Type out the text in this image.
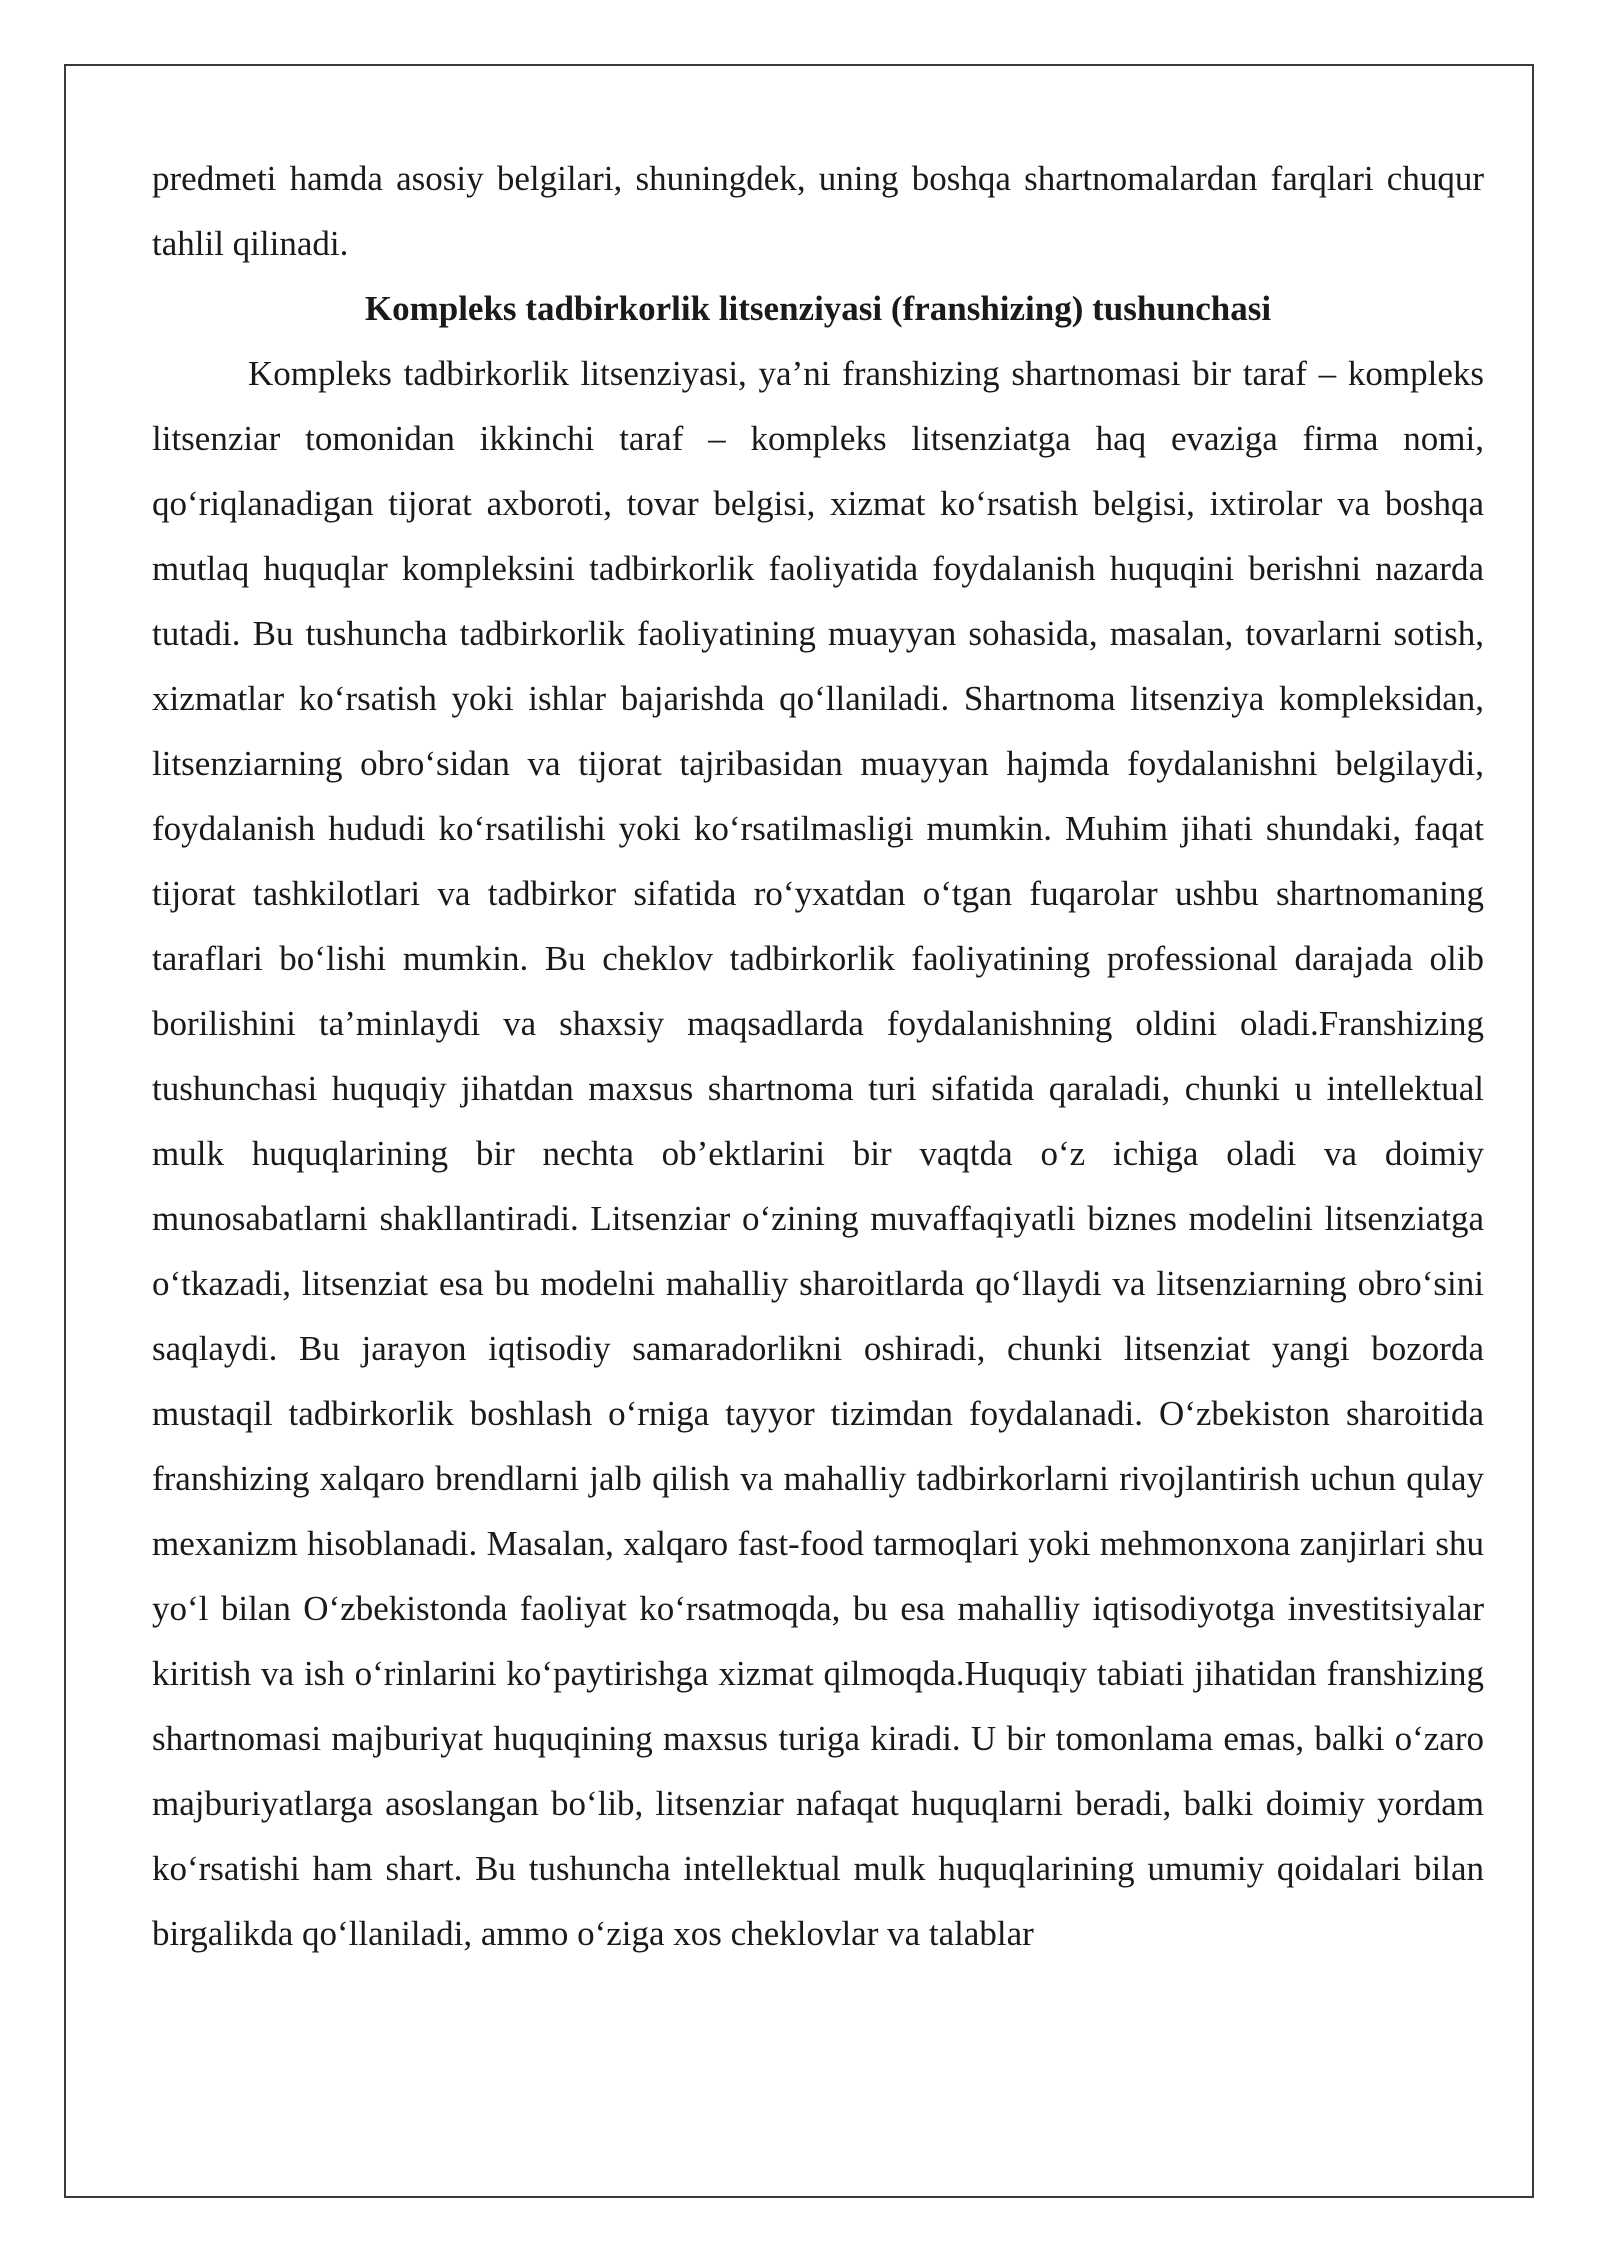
predmeti hamda asosiy belgilari, shuningdek, uning boshqa shartnomalardan farqlari chuqur tahlil qilinadi.

Kompleks tadbirkorlik litsenziyasi (franshizing) tushunchasi

Kompleks tadbirkorlik litsenziyasi, ya’ni franshizing shartnomasi bir taraf – kompleks litsenziar tomonidan ikkinchi taraf – kompleks litsenziatga haq evaziga firma nomi, qo‘riqlanadigan tijorat axboroti, tovar belgisi, xizmat ko‘rsatish belgisi, ixtirolar va boshqa mutlaq huquqlar kompleksini tadbirkorlik faoliyatida foydalanish huquqini berishni nazarda tutadi. Bu tushuncha tadbirkorlik faoliyatining muayyan sohasida, masalan, tovarlarni sotish, xizmatlar ko‘rsatish yoki ishlar bajarishda qo‘llaniladi. Shartnoma litsenziya kompleksidan, litsenziarning obro‘sidan va tijorat tajribasidan muayyan hajmda foydalanishni belgilaydi, foydalanish hududi ko‘rsatilishi yoki ko‘rsatilmasligi mumkin. Muhim jihati shundaki, faqat tijorat tashkilotlari va tadbirkor sifatida ro‘yxatdan o‘tgan fuqarolar ushbu shartnomaning taraflari bo‘lishi mumkin. Bu cheklov tadbirkorlik faoliyatining professional darajada olib borilishini ta’minlaydi va shaxsiy maqsadlarda foydalanishning oldini oladi.Franshizing tushunchasi huquqiy jihatdan maxsus shartnoma turi sifatida qaraladi, chunki u intellektual mulk huquqlarining bir nechta ob’ektlarini bir vaqtda o‘z ichiga oladi va doimiy munosabatlarni shakllantiradi. Litsenziar o‘zining muvaffaqiyatli biznes modelini litsenziatga o‘tkazadi, litsenziat esa bu modelni mahalliy sharoitlarda qo‘llaydi va litsenziarning obro‘sini saqlaydi. Bu jarayon iqtisodiy samaradorlikni oshiradi, chunki litsenziat yangi bozorda mustaqil tadbirkorlik boshlash o‘rniga tayyor tizimdan foydalanadi. O‘zbekiston sharoitida franshizing xalqaro brendlarni jalb qilish va mahalliy tadbirkorlarni rivojlantirish uchun qulay mexanizm hisoblanadi. Masalan, xalqaro fast-food tarmoqlari yoki mehmonxona zanjirlari shu yo‘l bilan O‘zbekistonda faoliyat ko‘rsatmoqda, bu esa mahalliy iqtisodiyotga investitsiyalar kiritish va ish o‘rinlarini ko‘paytirishga xizmat qilmoqda.Huquqiy tabiati jihatidan franshizing shartnomasi majburiyat huquqining maxsus turiga kiradi. U bir tomonlama emas, balki o‘zaro majburiyatlarga asoslangan bo‘lib, litsenziar nafaqat huquqlarni beradi, balki doimiy yordam ko‘rsatishi ham shart. Bu tushuncha intellektual mulk huquqlarining umumiy qoidalari bilan birgalikda qo‘llaniladi, ammo o‘ziga xos cheklovlar va talablar
